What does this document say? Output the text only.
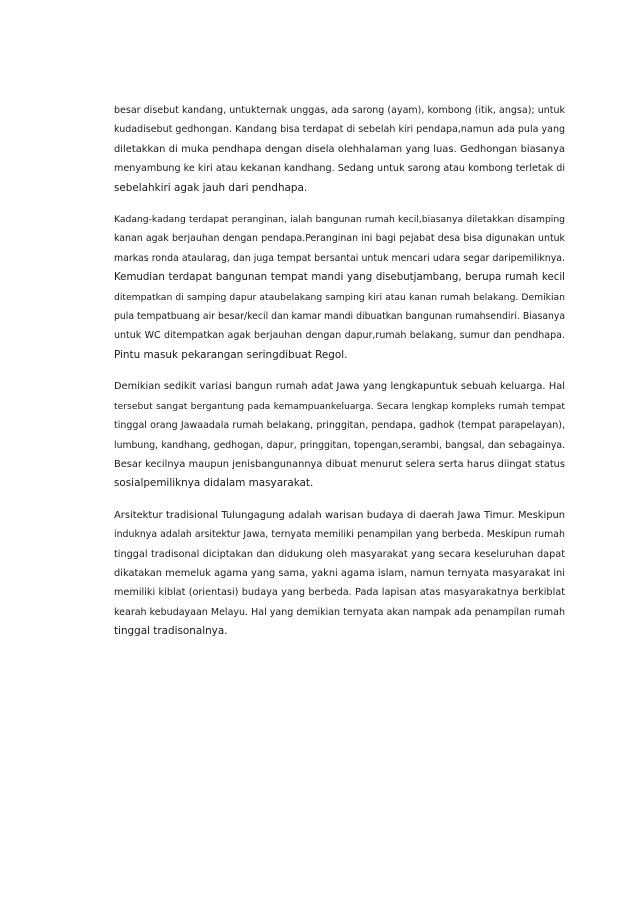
besar disebut kandang, untukternak unggas, ada sarong (ayam), kombong (itik, angsa); untuk
kudadisebut gedhongan. Kandang bisa terdapat di sebelah kiri pendapa,namun ada pula yang
diletakkan di muka pendhapa dengan disela olehhalaman yang luas. Gedhongan biasanya
menyambung ke kiri atau kekanan kandhang. Sedang untuk sarong atau kombong terletak di
sebelahkiri agak jauh dari pendhapa.

Kadang-kadang terdapat peranginan, ialah bangunan rumah kecil,biasanya diletakkan disamping
kanan agak berjauhan dengan pendapa.Peranginan ini bagi pejabat desa bisa digunakan untuk
markas ronda ataularag, dan juga tempat bersantai untuk mencari udara segar daripemiliknya.
Kemudian terdapat bangunan tempat mandi yang disebutjambang, berupa rumah kecil
ditempatkan di samping dapur ataubelakang samping kiri atau kanan rumah belakang. Demikian
pula tempatbuang air besar/kecil dan kamar mandi dibuatkan bangunan rumahsendiri. Biasanya
untuk WC ditempatkan agak berjauhan dengan dapur,rumah belakang, sumur dan pendhapa.
Pintu masuk pekarangan seringdibuat Regol.

Demikian sedikit variasi bangun rumah adat Jawa yang lengkapuntuk sebuah keluarga. Hal
tersebut sangat bergantung pada kemampuankeluarga. Secara lengkap kompleks rumah tempat
tinggal orang Jawaadala rumah belakang, pringgitan, pendapa, gadhok (tempat parapelayan),
lumbung, kandhang, gedhogan, dapur, pringgitan, topengan,serambi, bangsal, dan sebagainya.
Besar kecilnya maupun jenisbangunannya dibuat menurut selera serta harus diingat status
sosialpemiliknya didalam masyarakat.

Arsitektur tradisional Tulungagung adalah warisan budaya di daerah Jawa Timur. Meskipun
induknya adalah arsitektur Jawa, ternyata memiliki penampilan yang berbeda. Meskipun rumah
tinggal tradisonal diciptakan dan didukung oleh masyarakat yang secara keseluruhan dapat
dikatakan memeluk agama yang sama, yakni agama islam, namun ternyata masyarakat ini
memiliki kiblat (orientasi) budaya yang berbeda. Pada lapisan atas masyarakatnya berkiblat
kearah kebudayaan Melayu. Hal yang demikian ternyata akan nampak ada penampilan rumah
tinggal tradisonalnya.
